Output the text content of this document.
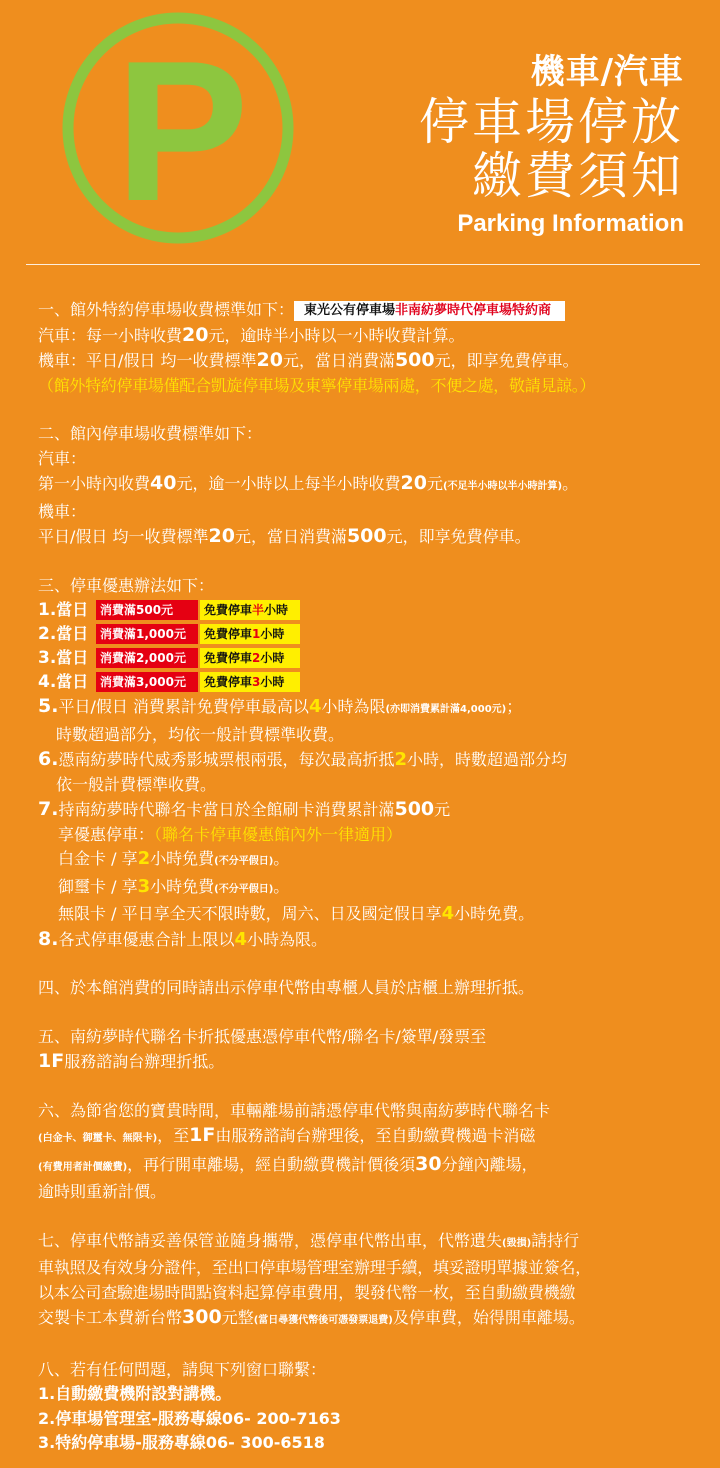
P	機車/汽車
停車場停放
繳費須知
Parking Information
一、館外特約停車場收費標準如下： 東光公有停車場非南紡夢時代停車場特約商
汽車：每一小時收費20元，逾時半小時以一小時收費計算。
機車：平日/假日 均一收費標準20元，當日消費滿500元，即享免費停車。
（館外特約停車場僅配合凱旋停車場及東寧停車場兩處，不便之處，敬請見諒。）
二、館內停車場收費標準如下：
汽車：
第一小時內收費40元，逾一小時以上每半小時收費20元(不足半小時以半小時計算)。
機車：
平日/假日 均一收費標準20元，當日消費滿500元，即享免費停車。
三、停車優惠辦法如下：
1.當日 消費滿500元	免費停車半小時
2.當日 消費滿1,000元	免費停車1小時
3.當日 消費滿2,000元	免費停車2小時
4.當日 消費滿3,000元	免費停車3小時
5.平日/假日 消費累計免費停車最高以4小時為限(亦即消費累計滿4,000元)；
時數超過部分，均依一般計費標準收費。
6.憑南紡夢時代威秀影城票根兩張，每次最高折抵2小時，時數超過部分均
依一般計費標準收費。
7.持南紡夢時代聯名卡當日於全館刷卡消費累計滿500元
享優惠停車：（聯名卡停車優惠館內外一律適用）
白金卡 / 享2小時免費(不分平假日)。
御璽卡 / 享3小時免費(不分平假日)。
無限卡 / 平日享全天不限時數，周六、日及國定假日享4小時免費。
8.各式停車優惠合計上限以4小時為限。
四、於本館消費的同時請出示停車代幣由專櫃人員於店櫃上辦理折抵。
五、南紡夢時代聯名卡折抵優惠憑停車代幣/聯名卡/簽單/發票至
1F服務諮詢台辦理折抵。
六、為節省您的寶貴時間，車輛離場前請憑停車代幣與南紡夢時代聯名卡
(白金卡、御璽卡、無限卡)，至1F由服務諮詢台辦理後，至自動繳費機過卡消磁
(有費用者計價繳費)，再行開車離場，經自動繳費機計價後須30分鐘內離場，
逾時則重新計價。
七、停車代幣請妥善保管並隨身攜帶，憑停車代幣出車，代幣遺失(毀損)請持行
車執照及有效身分證件，至出口停車場管理室辦理手續，填妥證明單據並簽名，
以本公司查驗進場時間點資料起算停車費用，製發代幣一枚，至自動繳費機繳
交製卡工本費新台幣300元整(當日尋獲代幣後可憑發票退費)及停車費，始得開車離場。
八、若有任何問題，請與下列窗口聯繫：
1.自動繳費機附設對講機。
2.停車場管理室-服務專線06- 200-7163
3.特約停車場-服務專線06- 300-6518
